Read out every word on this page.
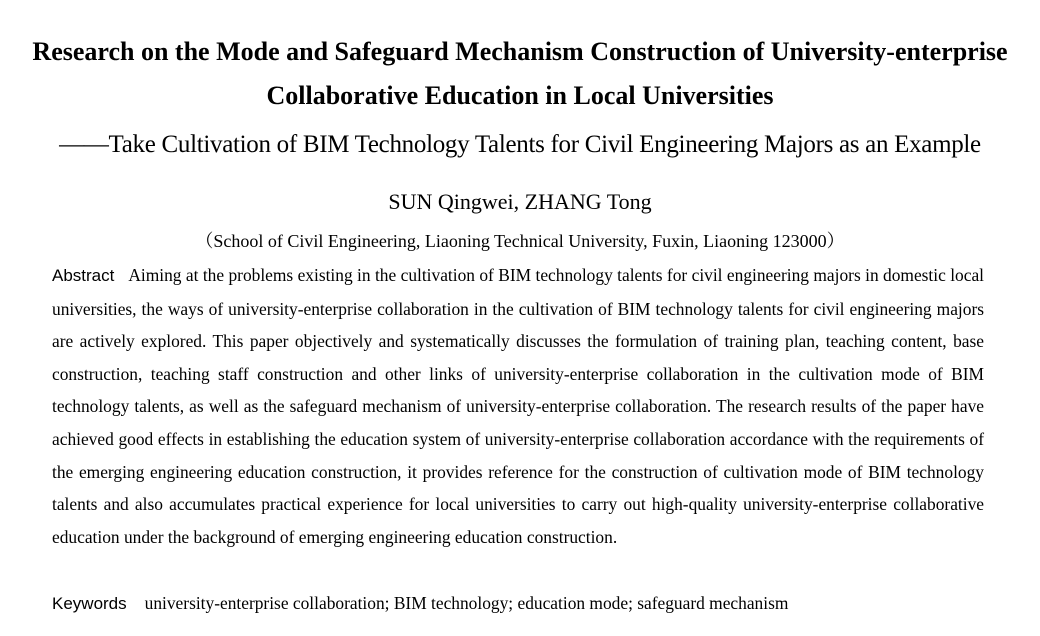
Research on the Mode and Safeguard Mechanism Construction of University-enterprise Collaborative Education in Local Universities
——Take Cultivation of BIM Technology Talents for Civil Engineering Majors as an Example
SUN Qingwei, ZHANG Tong
（School of Civil Engineering, Liaoning Technical University, Fuxin, Liaoning 123000）
Abstract Aiming at the problems existing in the cultivation of BIM technology talents for civil engineering majors in domestic local universities, the ways of university-enterprise collaboration in the cultivation of BIM technology talents for civil engineering majors are actively explored. This paper objectively and systematically discusses the formulation of training plan, teaching content, base construction, teaching staff construction and other links of university-enterprise collaboration in the cultivation mode of BIM technology talents, as well as the safeguard mechanism of university-enterprise collaboration. The research results of the paper have achieved good effects in establishing the education system of university-enterprise collaboration accordance with the requirements of the emerging engineering education construction, it provides reference for the construction of cultivation mode of BIM technology talents and also accumulates practical experience for local universities to carry out high-quality university-enterprise collaborative education under the background of emerging engineering education construction.
Keywords university-enterprise collaboration; BIM technology; education mode; safeguard mechanism
